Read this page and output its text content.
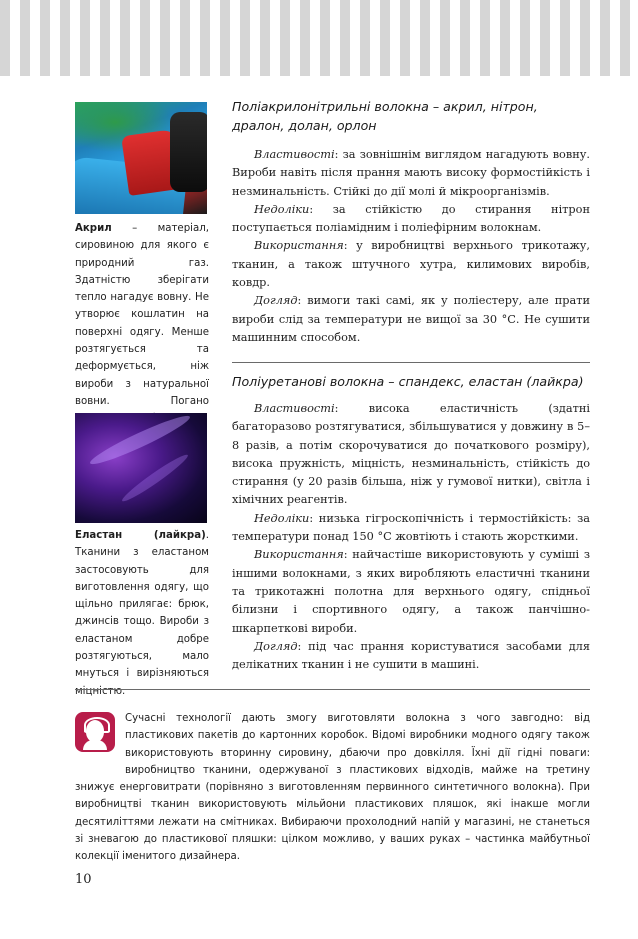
Акрил – матеріал, сировиною для якого є природний газ. Здатністю зберігати тепло нагадує вовну. Не утворює кошлатин на поверхні одягу. Менше розтягується та деформується, ніж вироби з натуральної вовни. Погано

Еластан (лайкра). Тканини з еластаном застосовують для виготовлення одягу, що щільно прилягає: брюк, джинсів тощо. Вироби з еластаном добре розтягуються, мало мнуться і вирізняються міцністю.

Поліакрилонітрильні волокна – акрил, нітрон, дралон, долан, орлон

Властивості: за зовнішнім виглядом нагадують вовну. Вироби навіть після прання мають високу формостійкість і незминальність. Стійкі до дії молі й мікроорганізмів.

Недоліки: за стійкістю до стирання нітрон поступається поліамідним і поліефірним волокнам.

Використання: у виробництві верхнього трикотажу, тканин, а також штучного хутра, килимових виробів, ковдр.

Догляд: вимоги такі самі, як у поліестеру, але прати вироби слід за температури не вищої за 30 °С. Не сушити машинним способом.

Поліуретанові волокна – спандекс, еластан (лайкра)

Властивості: висока еластичність (здатні багаторазово розтягуватися, збільшуватися у довжину в 5–8 разів, а потім скорочуватися до початкового розміру), висока пружність, міцність, незминальність, стійкість до стирання (у 20 разів більша, ніж у гумової нитки), світла і хімічних реагентів.

Недоліки: низька гігроскопічність і термостійкість: за температури понад 150 °С жовтіють і стають жорсткими.

Використання: найчастіше використовують у суміші з іншими волокнами, з яких виробляють еластичні тканини та трикотажні полотна для верхнього одягу, спідньої білизни і спортивного одягу, а також панчішно-шкарпеткові вироби.

Догляд: під час прання користуватися засобами для делікатних тканин і не сушити в машині.

Сучасні технології дають змогу виготовляти волокна з чого завгодно: від пластикових пакетів до картонних коробок. Відомі виробники модного одягу також використовують вторинну сировину, дбаючи про довкілля. Їхні дії гідні поваги: виробництво тканини, одержуваної з пластикових відходів, майже на третину знижує енерговитрати (порівняно з виготовленням первинного синтетичного волокна). При виробництві тканин використовують мільйони пластикових пляшок, які інакше могли десятиліттями лежати на смітниках. Вибираючи прохолодний напій у магазині, не станеться зі зневагою до пластикової пляшки: цілком можливо, у ваших руках – частинка майбутньої колекції іменитого дизайнера.

10
